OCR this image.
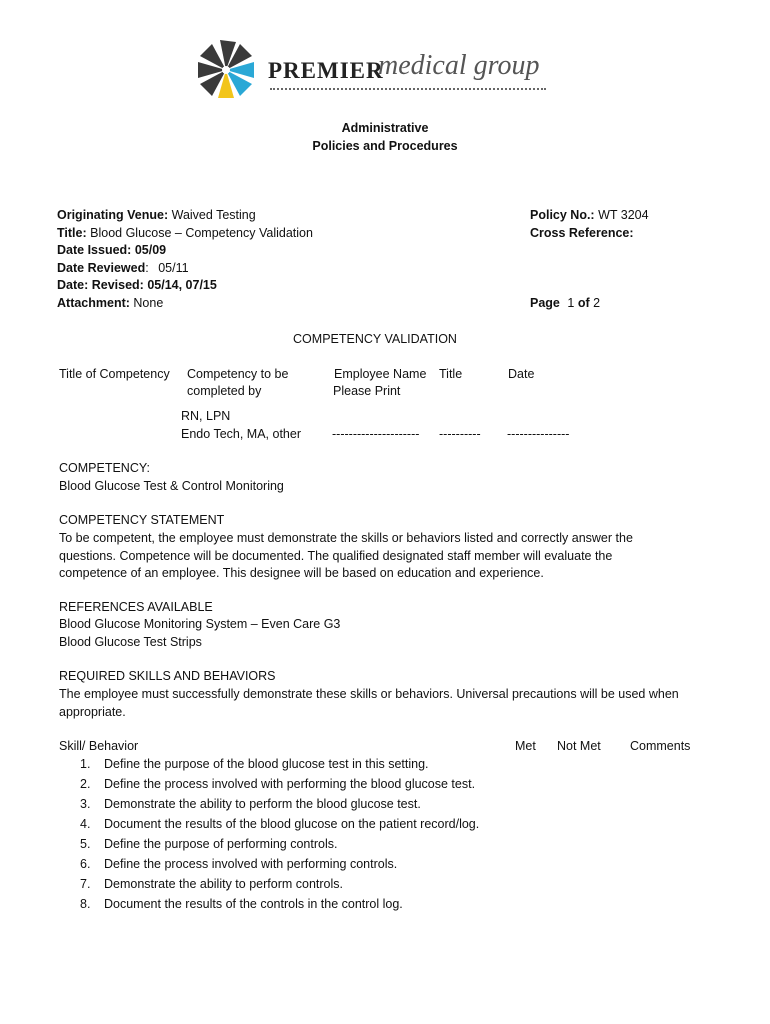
PREMIER
medical group
Administrative
Policies and Procedures
Originating Venue: Waived Testing
Title: Blood Glucose – Competency Validation
Date Issued: 05/09
Date Reviewed: 05/11
Date: Revised: 05/14, 07/15
Attachment: None
Policy No.: WT 3204
Cross Reference:
Page 1 of 2
COMPETENCY VALIDATION
Title of Competency Competency to be
completed by
Employee Name
Please Print
Title	Date
RN, LPN
Endo Tech, MA, other --------------------- ---------- ---------------
COMPETENCY:
Blood Glucose Test & Control Monitoring
COMPETENCY STATEMENT
To be competent, the employee must demonstrate the skills or behaviors listed and correctly answer the questions. Competence will be documented. The qualified designated staff member will evaluate the competence of an employee. This designee will be based on education and experience.
REFERENCES AVAILABLE
Blood Glucose Monitoring System – Even Care G3
Blood Glucose Test Strips
REQUIRED SKILLS AND BEHAVIORS
The employee must successfully demonstrate these skills or behaviors. Universal precautions will be used when appropriate.
Skill/ Behavior	Met Not Met Comments
1. Define the purpose of the blood glucose test in this setting.
2. Define the process involved with performing the blood glucose test.
3. Demonstrate the ability to perform the blood glucose test.
4. Document the results of the blood glucose on the patient record/log.
5. Define the purpose of performing controls.
6. Define the process involved with performing controls.
7. Demonstrate the ability to perform controls.
8. Document the results of the controls in the control log.
